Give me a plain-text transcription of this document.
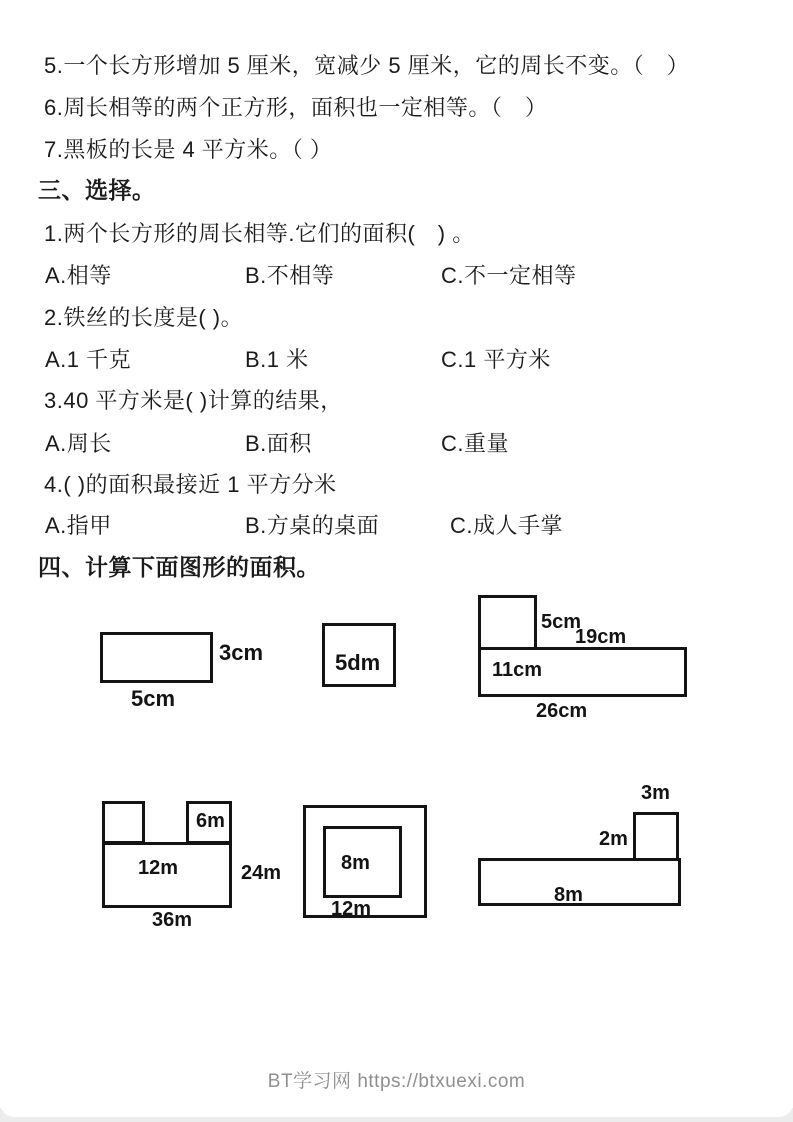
5.一个长方形增加 5 厘米，宽减少 5 厘米，它的周长不变。（　）
6.周长相等的两个正方形，面积也一定相等。（　）
7.黑板的长是 4 平方米。（ ）
三、选择。
1.两个长方形的周长相等.它们的面积(　) 。
A.相等	B.不相等	C.不一定相等
2.铁丝的长度是( )。
A.1 千克	B.1 米	C.1 平方米
3.40 平方米是( )计算的结果，
A.周长	B.面积	C.重量
4.( )的面积最接近 1 平方分米
A.指甲	B.方桌的桌面	C.成人手掌
四、计算下面图形的面积。
3cm
5cm
5dm
5cm
19cm
11cm
26cm
6m
12m	24m
36m
8m
12m
3m
2m
8m
BT学习网 https://btxuexi.com
